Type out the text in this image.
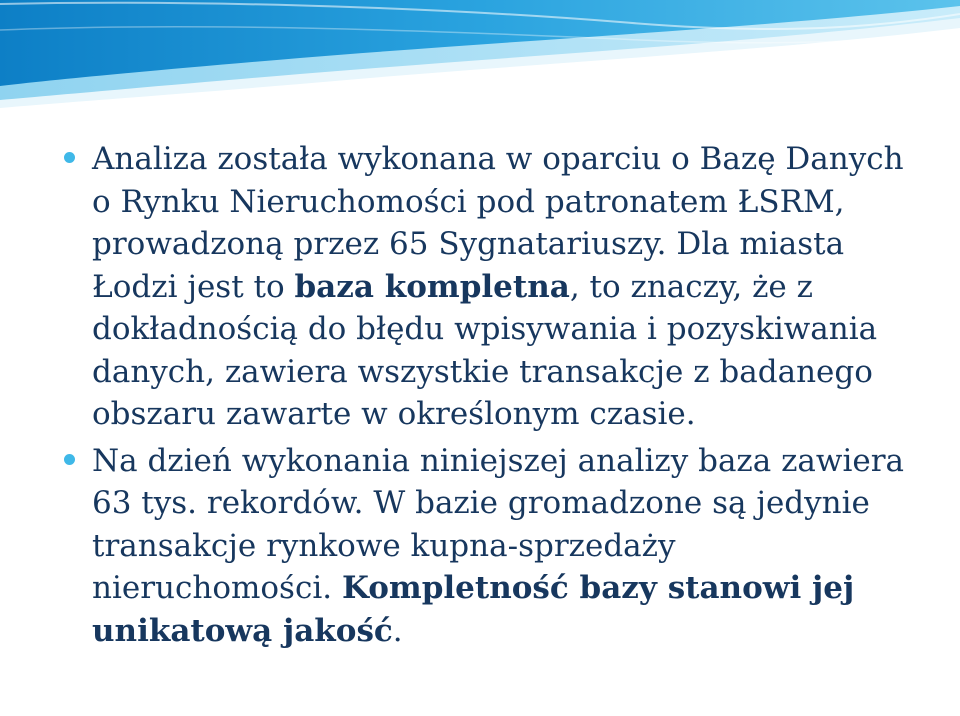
Analiza została wykonana w oparciu o Bazę Danych o Rynku Nieruchomości pod patronatem ŁSRM, prowadzoną przez 65 Sygnatariuszy. Dla miasta Łodzi jest to baza kompletna, to znaczy, że z dokładnością do błędu wpisywania i pozyskiwania danych, zawiera wszystkie transakcje z badanego obszaru zawarte w określonym czasie.
Na dzień wykonania niniejszej analizy baza zawiera 63 tys. rekordów. W bazie gromadzone są jedynie transakcje rynkowe kupna-sprzedaży nieruchomości. Kompletność bazy stanowi jej unikatową jakość.
